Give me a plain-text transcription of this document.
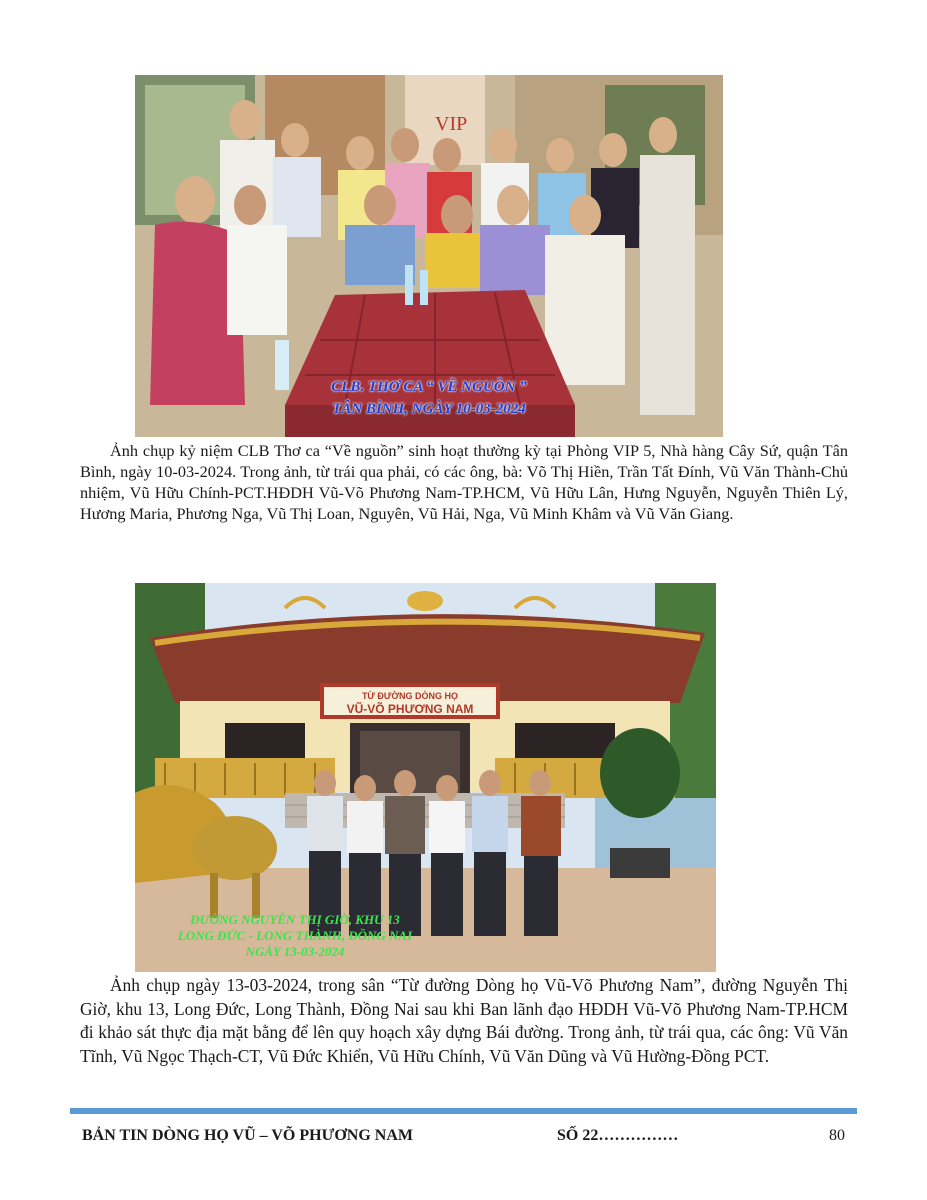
VIP
CLB. THƠ CA “ VỀ NGUỒN ”
TÂN BÌNH, NGÀY 10-03-2024
Ảnh chụp kỷ niệm CLB Thơ ca “Về nguồn” sinh hoạt thường kỳ tại Phòng VIP 5, Nhà hàng Cây Sứ, quận Tân Bình, ngày 10-03-2024. Trong ảnh, từ trái qua phải, có các ông, bà: Võ Thị Hiền, Trần Tất Đính, Vũ Văn Thành-Chủ nhiệm, Vũ Hữu Chính-PCT.HĐDH Vũ-Võ Phương Nam-TP.HCM, Vũ Hữu Lân, Hưng Nguyễn, Nguyễn Thiên Lý, Hương Maria, Phương Nga, Vũ Thị Loan, Nguyên, Vũ Hải, Nga, Vũ Minh Khâm và Vũ Văn Giang.
TỪ ĐƯỜNG DÒNG HỌ
VŨ-VÕ PHƯƠNG NAM
ĐƯỜNG NGUYỄN THỊ GIỜ, KHU 13
LONG ĐỨC - LONG THÀNH, ĐỒNG NAI
NGÀY 13-03-2024
Ảnh chụp ngày 13-03-2024, trong sân “Từ đường Dòng họ Vũ-Võ Phương Nam”, đường Nguyễn Thị Giờ, khu 13, Long Đức, Long Thành, Đồng Nai sau khi Ban lãnh đạo HĐDH Vũ-Võ Phương Nam-TP.HCM đi khảo sát thực địa mặt bằng để lên quy hoạch xây dựng Bái đường. Trong ảnh, từ trái qua, các ông: Vũ Văn Tĩnh, Vũ Ngọc Thạch-CT, Vũ Đức Khiển, Vũ Hữu Chính, Vũ Văn Dũng và Vũ Hường-Đồng PCT.
BẢN TIN DÒNG HỌ VŨ – VÕ PHƯƠNG NAM	SỐ 22……………	80
